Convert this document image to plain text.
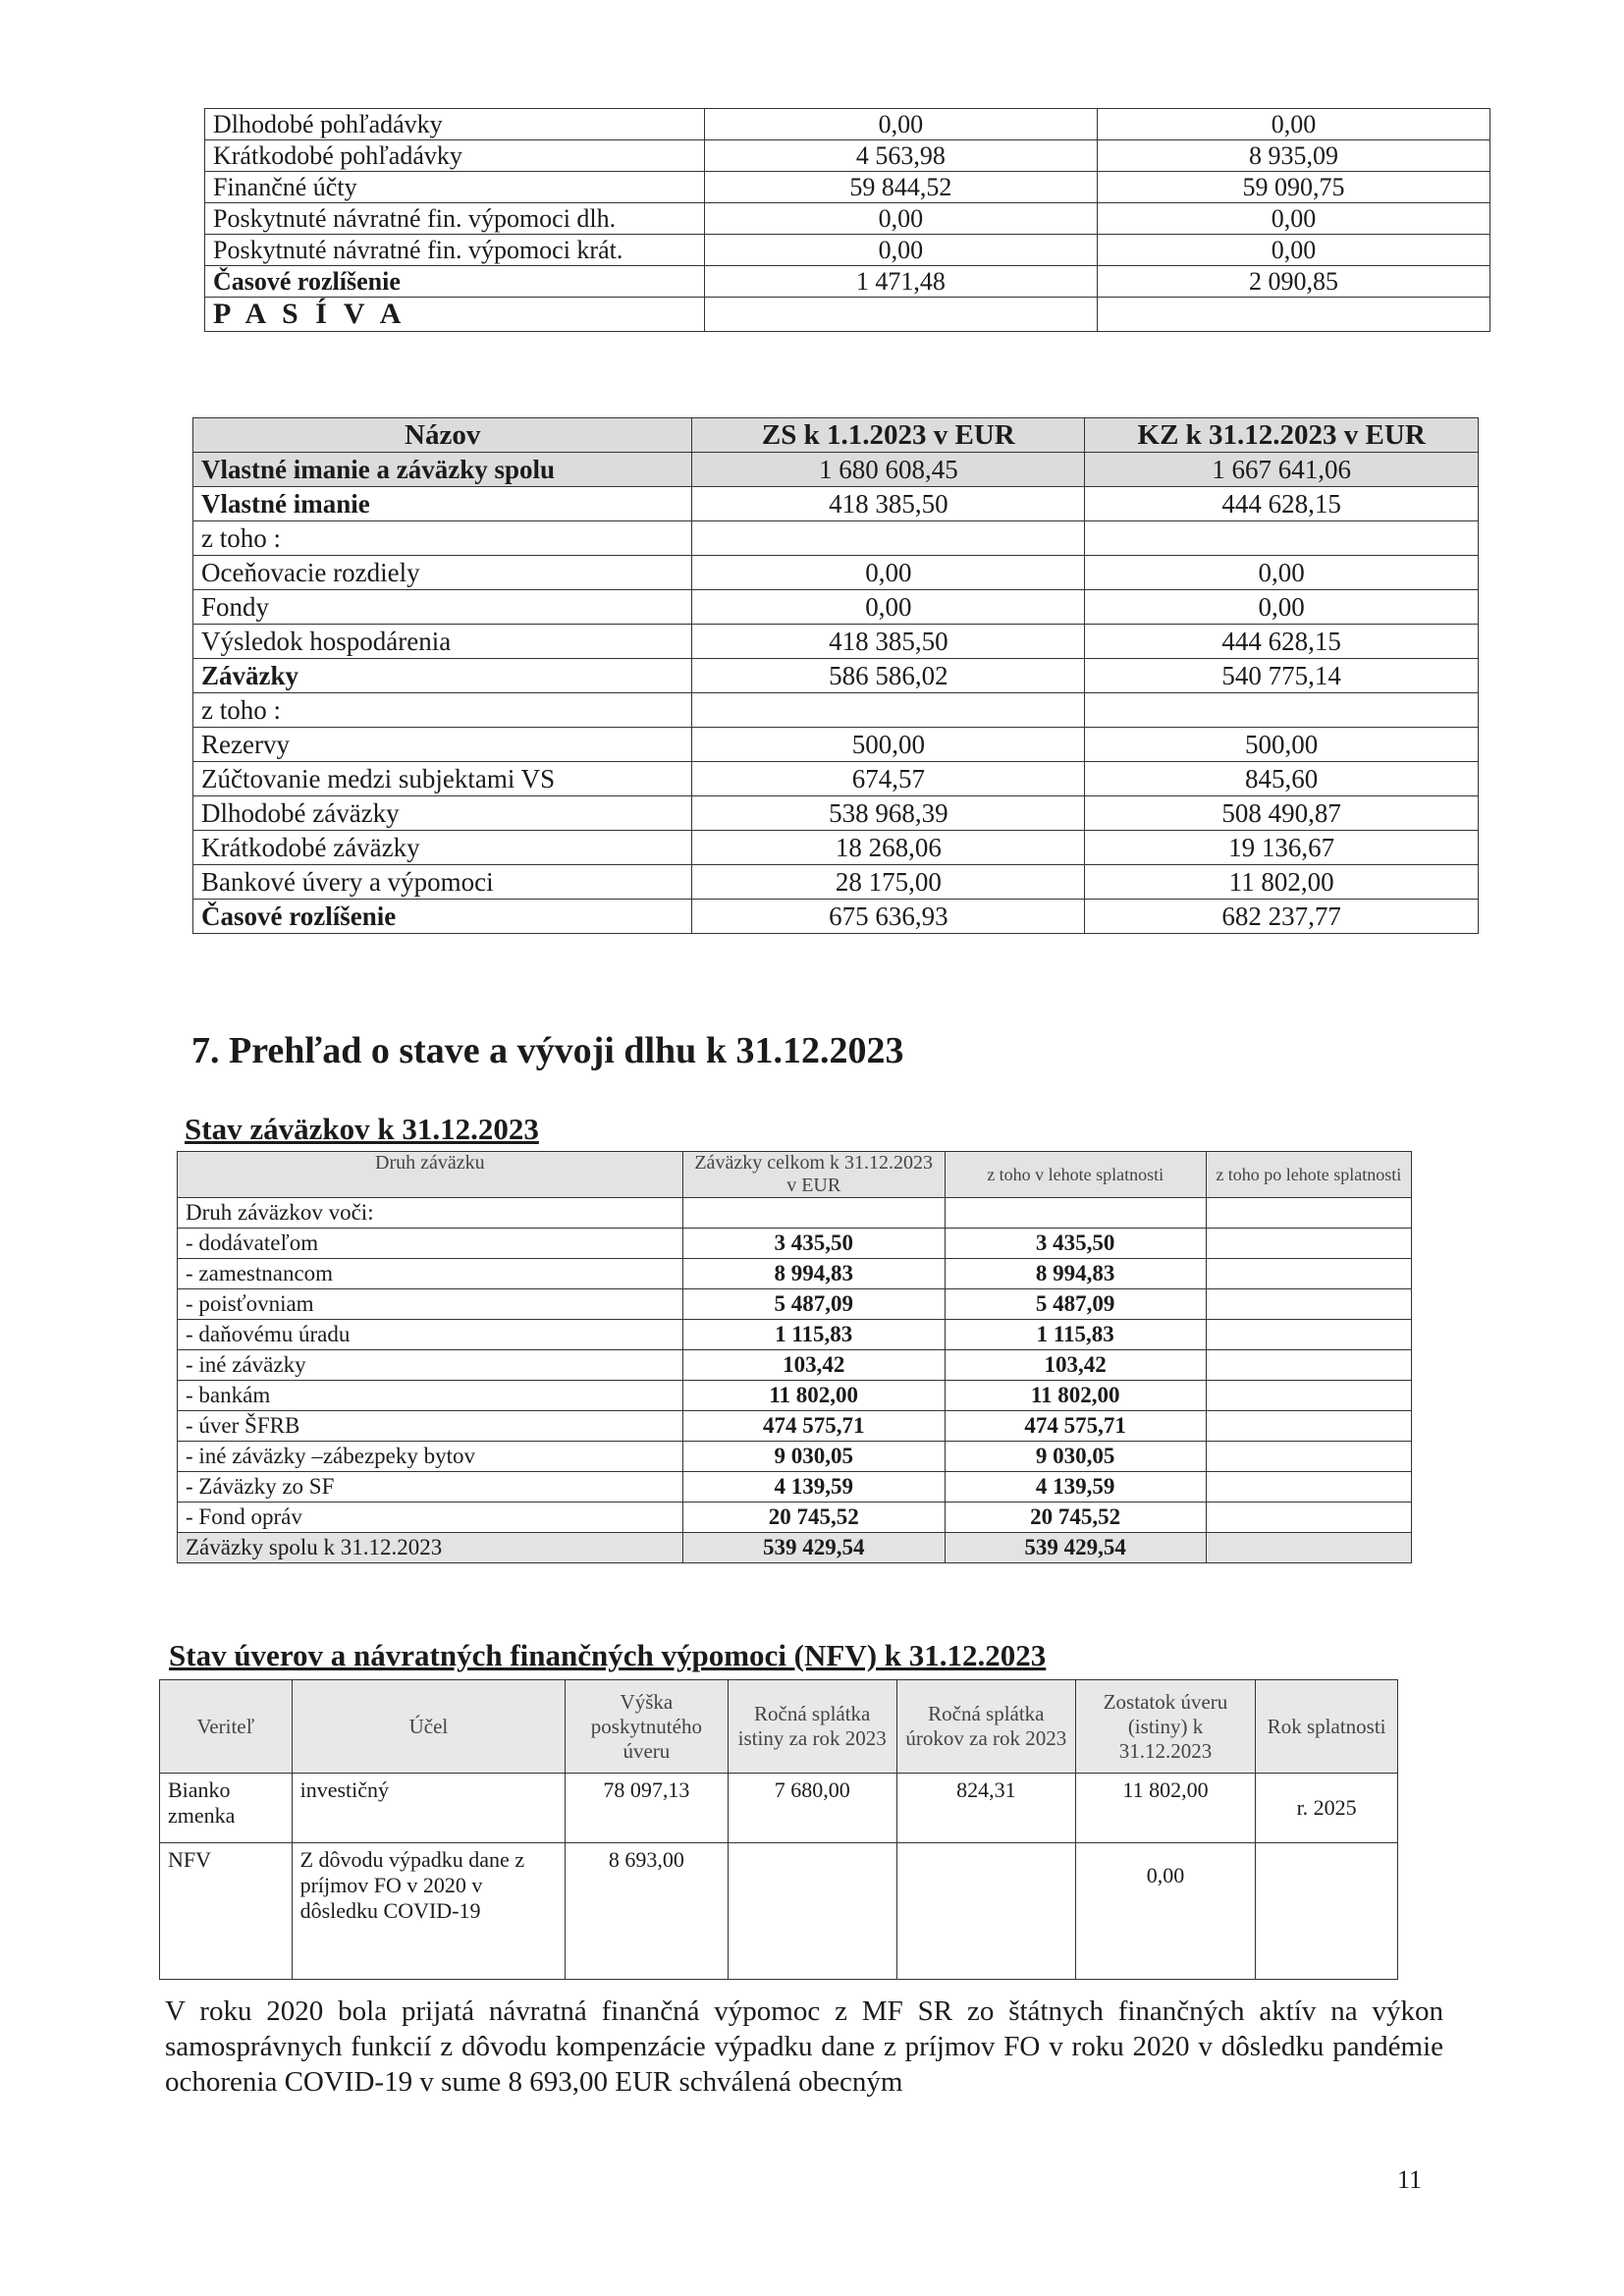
Dlhodobé pohľadávky	0,00	0,00
Krátkodobé pohľadávky	4 563,98	8 935,09
Finančné účty	59 844,52	59 090,75
Poskytnuté návratné fin. výpomoci dlh.	0,00	0,00
Poskytnuté návratné fin. výpomoci krát.	0,00	0,00
Časové rozlíšenie	1 471,48	2 090,85
P A S Í V A		
Názov	ZS k 1.1.2023 v EUR	KZ k 31.12.2023 v EUR
Vlastné imanie a záväzky spolu	1 680 608,45	1 667 641,06
Vlastné imanie	418 385,50	444 628,15
z toho :		
Oceňovacie rozdiely	0,00	0,00
Fondy	0,00	0,00
Výsledok hospodárenia	418 385,50	444 628,15
Záväzky	586 586,02	540 775,14
z toho :		
Rezervy	500,00	500,00
Zúčtovanie medzi subjektami VS	674,57	845,60
Dlhodobé záväzky	538 968,39	508 490,87
Krátkodobé záväzky	18 268,06	19 136,67
Bankové úvery a výpomoci	28 175,00	11 802,00
Časové rozlíšenie	675 636,93	682 237,77
7. Prehľad o stave a vývoji dlhu k 31.12.2023
Stav záväzkov k 31.12.2023
Druh záväzku	Záväzky celkom k 31.12.2023 v EUR	z toho v lehote splatnosti	z toho po lehote splatnosti
Druh záväzkov voči:			
- dodávateľom	3 435,50	3 435,50	
- zamestnancom	8 994,83	8 994,83	
- poisťovniam	5 487,09	5 487,09	
- daňovému úradu	1 115,83	1 115,83	
- iné záväzky	103,42	103,42	
- bankám	11 802,00	11 802,00	
- úver ŠFRB	474 575,71	474 575,71	
- iné záväzky –zábezpeky bytov	9 030,05	9 030,05	
- Záväzky zo SF	4 139,59	4 139,59	
- Fond opráv	20 745,52	20 745,52	
Záväzky spolu k 31.12.2023	539 429,54	539 429,54	
Stav úverov a návratných finančných výpomoci (NFV) k 31.12.2023
Veriteľ	Účel	Výška poskytnutého úveru	Ročná splátka istiny za rok 2023	Ročná splátka úrokov za rok 2023	Zostatok úveru (istiny) k 31.12.2023	Rok splatnosti
Bianko zmenka	investičný	78 097,13	7 680,00	824,31	11 802,00	r. 2025
NFV	Z dôvodu výpadku dane z príjmov FO v 2020 v dôsledku COVID-19	8 693,00			0,00	
V roku 2020 bola prijatá návratná finančná výpomoc z MF SR zo štátnych finančných aktív na výkon samosprávnych funkcií z dôvodu kompenzácie výpadku dane z príjmov FO v roku 2020 v dôsledku pandémie ochorenia COVID-19 v sume 8 693,00 EUR schválená obecným
11
